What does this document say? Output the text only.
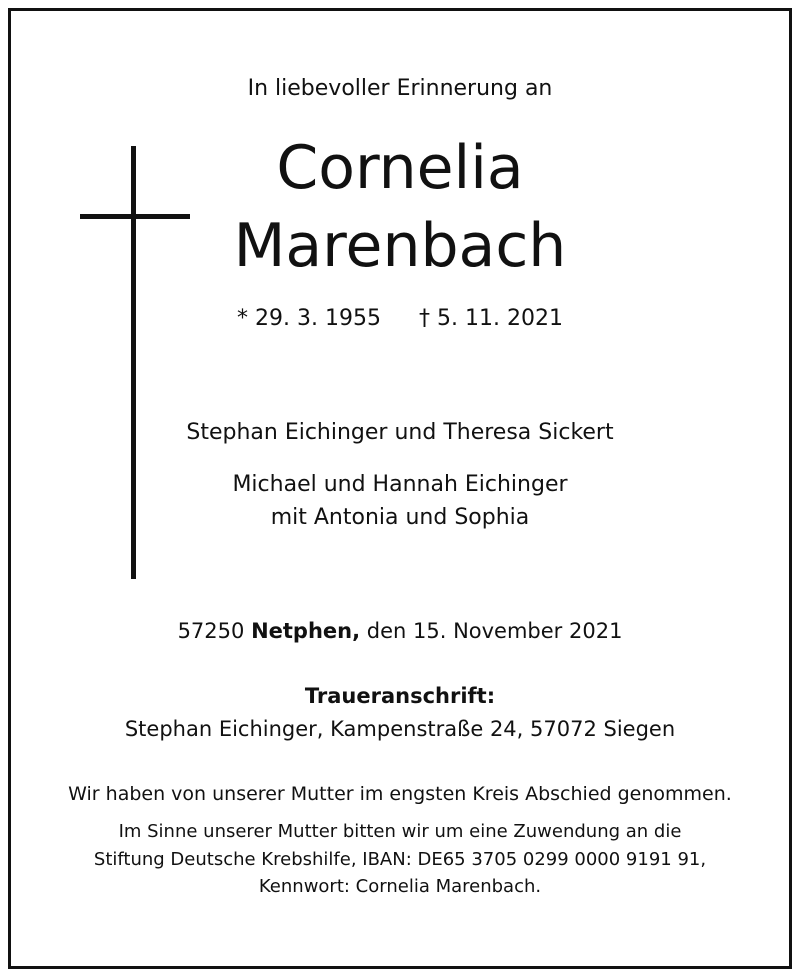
In liebevoller Erinnerung an
Cornelia
Marenbach
* 29. 3. 1955 † 5. 11. 2021
Stephan Eichinger und Theresa Sickert
Michael und Hannah Eichinger
mit Antonia und Sophia
57250 Netphen, den 15. November 2021
Traueranschrift:
Stephan Eichinger, Kampenstraße 24, 57072 Siegen
Wir haben von unserer Mutter im engsten Kreis Abschied genommen.
Im Sinne unserer Mutter bitten wir um eine Zuwendung an die
Stiftung Deutsche Krebshilfe, IBAN: DE65 3705 0299 0000 9191 91,
Kennwort: Cornelia Marenbach.
